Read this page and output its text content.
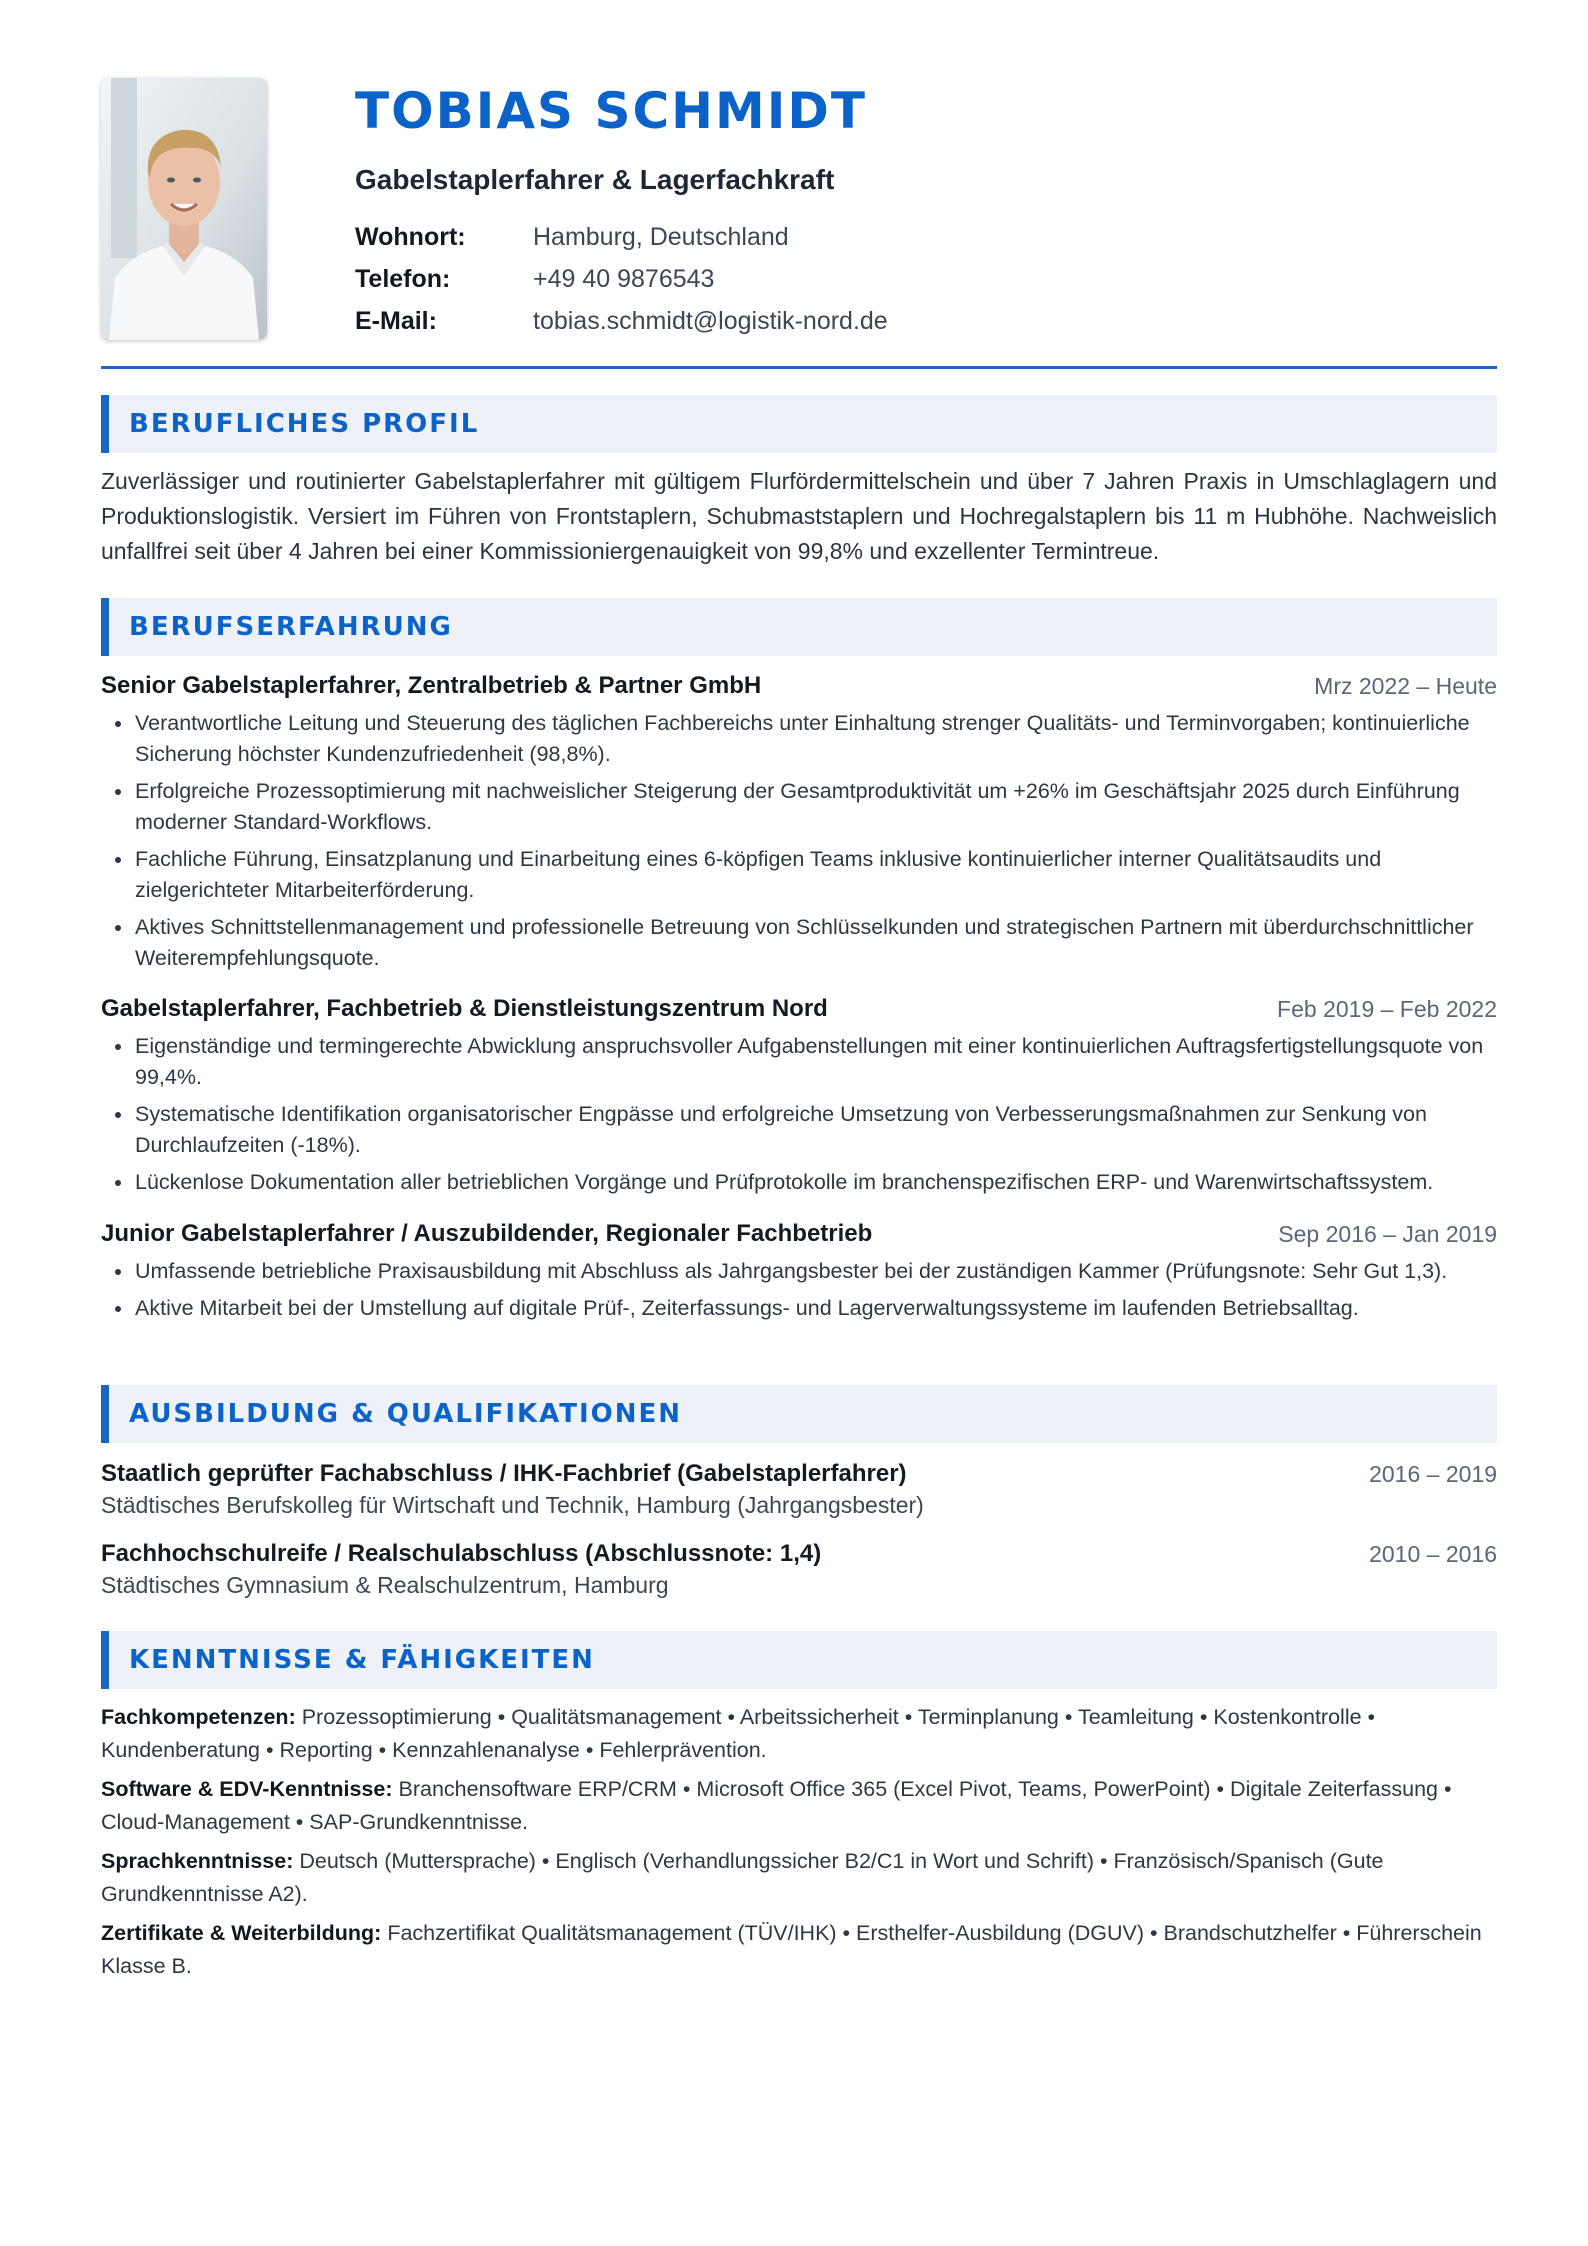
TOBIAS SCHMIDT
Gabelstaplerfahrer & Lagerfachkraft
Wohnort:	Hamburg, Deutschland
Telefon:	+49 40 9876543
E-Mail:	tobias.schmidt@logistik-nord.de
BERUFLICHES PROFIL
Zuverlässiger und routinierter Gabelstaplerfahrer mit gültigem Flurfördermittelschein und über 7 Jahren Praxis in Umschlaglagern und Produktionslogistik. Versiert im Führen von Frontstaplern, Schubmaststaplern und Hochregalstaplern bis 11 m Hubhöhe. Nachweislich unfallfrei seit über 4 Jahren bei einer Kommissioniergenauigkeit von 99,8% und exzellenter Termintreue.
BERUFSERFAHRUNG
Senior Gabelstaplerfahrer, Zentralbetrieb & Partner GmbH	Mrz 2022 – Heute
Verantwortliche Leitung und Steuerung des täglichen Fachbereichs unter Einhaltung strenger Qualitäts- und Terminvorgaben; kontinuierliche Sicherung höchster Kundenzufriedenheit (98,8%).
Erfolgreiche Prozessoptimierung mit nachweislicher Steigerung der Gesamtproduktivität um +26% im Geschäftsjahr 2025 durch Einführung moderner Standard-Workflows.
Fachliche Führung, Einsatzplanung und Einarbeitung eines 6-köpfigen Teams inklusive kontinuierlicher interner Qualitätsaudits und zielgerichteter Mitarbeiterförderung.
Aktives Schnittstellenmanagement und professionelle Betreuung von Schlüsselkunden und strategischen Partnern mit überdurchschnittlicher Weiterempfehlungsquote.
Gabelstaplerfahrer, Fachbetrieb & Dienstleistungszentrum Nord	Feb 2019 – Feb 2022
Eigenständige und termingerechte Abwicklung anspruchsvoller Aufgabenstellungen mit einer kontinuierlichen Auftragsfertigstellungsquote von 99,4%.
Systematische Identifikation organisatorischer Engpässe und erfolgreiche Umsetzung von Verbesserungsmaßnahmen zur Senkung von Durchlaufzeiten (-18%).
Lückenlose Dokumentation aller betrieblichen Vorgänge und Prüfprotokolle im branchenspezifischen ERP- und Warenwirtschaftssystem.
Junior Gabelstaplerfahrer / Auszubildender, Regionaler Fachbetrieb	Sep 2016 – Jan 2019
Umfassende betriebliche Praxisausbildung mit Abschluss als Jahrgangsbester bei der zuständigen Kammer (Prüfungsnote: Sehr Gut 1,3).
Aktive Mitarbeit bei der Umstellung auf digitale Prüf-, Zeiterfassungs- und Lagerverwaltungssysteme im laufenden Betriebsalltag.
AUSBILDUNG & QUALIFIKATIONEN
Staatlich geprüfter Fachabschluss / IHK-Fachbrief (Gabelstaplerfahrer)	2016 – 2019
Städtisches Berufskolleg für Wirtschaft und Technik, Hamburg (Jahrgangsbester)
Fachhochschulreife / Realschulabschluss (Abschlussnote: 1,4)	2010 – 2016
Städtisches Gymnasium & Realschulzentrum, Hamburg
KENNTNISSE & FÄHIGKEITEN
Fachkompetenzen: Prozessoptimierung • Qualitätsmanagement • Arbeitssicherheit • Terminplanung • Teamleitung • Kostenkontrolle • Kundenberatung • Reporting • Kennzahlenanalyse • Fehlerprävention.
Software & EDV-Kenntnisse: Branchensoftware ERP/CRM • Microsoft Office 365 (Excel Pivot, Teams, PowerPoint) • Digitale Zeiterfassung • Cloud-Management • SAP-Grundkenntnisse.
Sprachkenntnisse: Deutsch (Muttersprache) • Englisch (Verhandlungssicher B2/C1 in Wort und Schrift) • Französisch/Spanisch (Gute Grundkenntnisse A2).
Zertifikate & Weiterbildung: Fachzertifikat Qualitätsmanagement (TÜV/IHK) • Ersthelfer-Ausbildung (DGUV) • Brandschutzhelfer • Führerschein Klasse B.
